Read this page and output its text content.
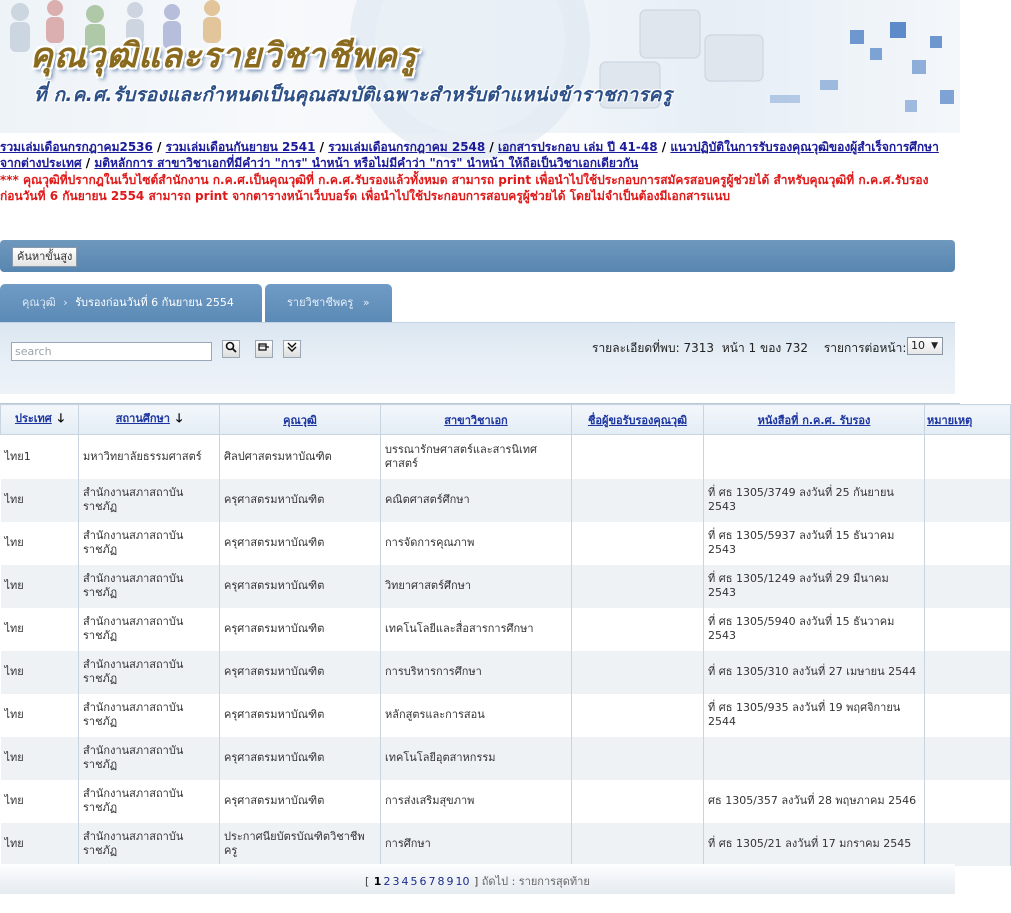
คุณวุฒิและรายวิชาชีพครู
ที่ ก.ค.ศ.รับรองและกำหนดเป็นคุณสมบัติเฉพาะสำหรับตำแหน่งข้าราชการครู
รวมเล่มเดือนกรกฎาคม2536 / รวมเล่มเดือนกันยายน 2541 / รวมเล่มเดือนกรกฎาคม 2548 / เอกสารประกอบ เล่ม ปี 41-48 / แนวปฏิบัติในการรับรองคุณวุฒิของผู้สำเร็จการศึกษาจากต่างประเทศ / มติหลักการ สาขาวิชาเอกที่มีคำว่า "การ" นำหน้า หรือไม่มีคำว่า "การ" นำหน้า ให้ถือเป็นวิชาเอกเดียวกัน
*** คุณวุฒิที่ปรากฎในเว็บไซต์สำนักงาน ก.ค.ศ.เป็นคุณวุฒิที่ ก.ค.ศ.รับรองแล้วทั้งหมด สามารถ print เพื่อนำไปใช้ประกอบการสมัครสอบครูผู้ช่วยได้ สำหรับคุณวุฒิที่ ก.ค.ศ.รับรอง ก่อนวันที่ 6 กันยายน 2554 สามารถ print จากตารางหน้าเว็บบอร์ด เพื่อนำไปใช้ประกอบการสอบครูผู้ช่วยได้ โดยไม่จำเป็นต้องมีเอกสารแนบ
ค้นหาขั้นสูง
คุณวุฒิ › รับรองก่อนวันที่ 6 กันยายน 2554	รายวิชาชีพครู »
search
รายละเอียดที่พบ: 7313 หน้า 1 ของ 732 รายการต่อหน้า: 10 ▼
ประเทศ 🡓	สถานศึกษา 🡓	คุณวุฒิ	สาขาวิชาเอก	ชื่อผู้ขอรับรองคุณวุฒิ	หนังสือที่ ก.ค.ศ. รับรอง	หมายเหตุ
ไทย1	มหาวิทยาลัยธรรมศาสตร์	ศิลปศาสตรมหาบัณฑิต	บรรณารักษศาสตร์และสารนิเทศศาสตร์			
ไทย	สำนักงานสภาสถาบันราชภัฏ	ครุศาสตรมหาบัณฑิต	คณิตศาสตร์ศึกษา		ที่ ศธ 1305/3749 ลงวันที่ 25 กันยายน 2543	
ไทย	สำนักงานสภาสถาบันราชภัฏ	ครุศาสตรมหาบัณฑิต	การจัดการคุณภาพ		ที่ ศธ 1305/5937 ลงวันที่ 15 ธันวาคม 2543	
ไทย	สำนักงานสภาสถาบันราชภัฏ	ครุศาสตรมหาบัณฑิต	วิทยาศาสตร์ศึกษา		ที่ ศธ 1305/1249 ลงวันที่ 29 มีนาคม 2543	
ไทย	สำนักงานสภาสถาบันราชภัฏ	ครุศาสตรมหาบัณฑิต	เทคโนโลยีและสื่อสารการศึกษา		ที่ ศธ 1305/5940 ลงวันที่ 15 ธันวาคม 2543	
ไทย	สำนักงานสภาสถาบันราชภัฏ	ครุศาสตรมหาบัณฑิต	การบริหารการศึกษา		ที่ ศธ 1305/310 ลงวันที่ 27 เมษายน 2544	
ไทย	สำนักงานสภาสถาบันราชภัฏ	ครุศาสตรมหาบัณฑิต	หลักสูตรและการสอน		ที่ ศธ 1305/935 ลงวันที่ 19 พฤศจิกายน 2544	
ไทย	สำนักงานสภาสถาบันราชภัฏ	ครุศาสตรมหาบัณฑิต	เทคโนโลยีอุตสาหกรรม			
ไทย	สำนักงานสภาสถาบันราชภัฏ	ครุศาสตรมหาบัณฑิต	การส่งเสริมสุขภาพ		ศธ 1305/357 ลงวันที่ 28 พฤษภาคม 2546	
ไทย	สำนักงานสภาสถาบันราชภัฏ	ประกาศนียบัตรบัณฑิตวิชาชีพครู	การศึกษา		ที่ ศธ 1305/21 ลงวันที่ 17 มกราคม 2545	
[ 1 2 3 4 5 6 7 8 9 10 ] ถัดไป : รายการสุดท้าย
